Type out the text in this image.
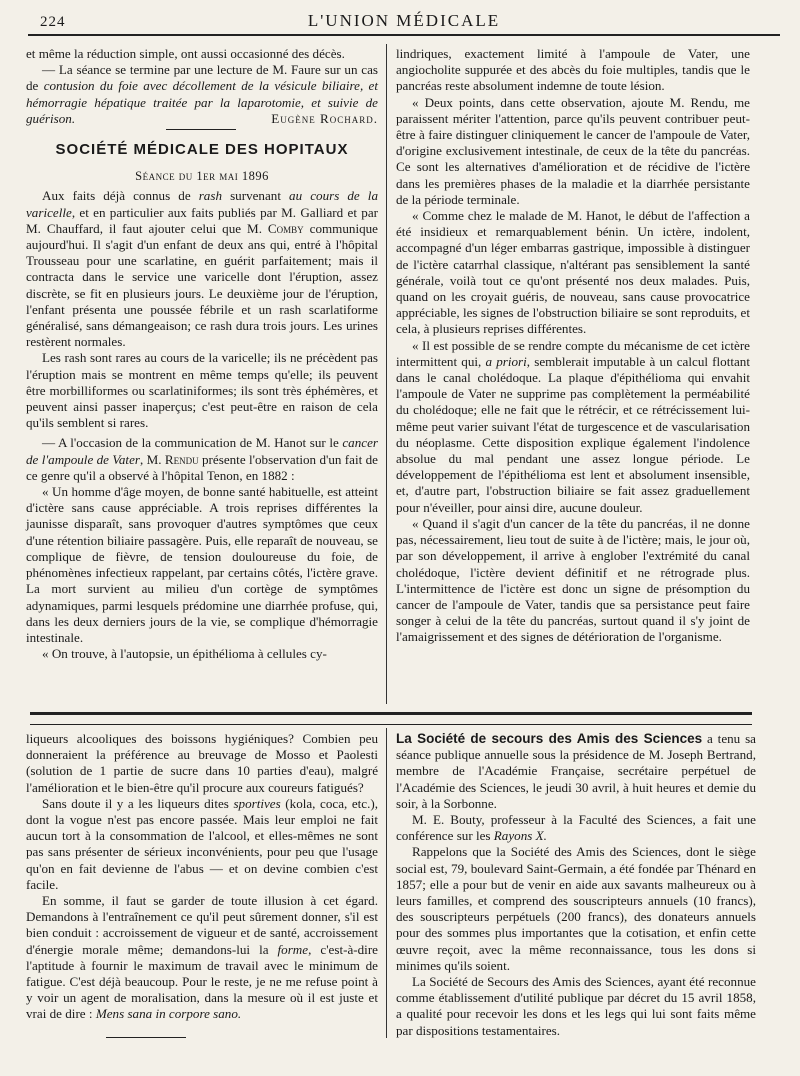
224	L'UNION MÉDICALE

et même la réduction simple, ont aussi occasionné des décès.

— La séance se termine par une lecture de M. Faure sur un cas de contusion du foie avec décollement de la vésicule biliaire, et hémorragie hépatique traitée par la laparotomie, et suivie de guérison.	Eugène Rochard.

SOCIÉTÉ MÉDICALE DES HOPITAUX
Séance du 1er mai 1896

Aux faits déjà connus de rash survenant au cours de la varicelle, et en particulier aux faits publiés par M. Galliard et par M. Chauffard, il faut ajouter celui que M. Comby communique aujourd'hui. Il s'agit d'un enfant de deux ans qui, entré à l'hôpital Trousseau pour une scarlatine, en guérit parfaitement; mais il contracta dans le service une varicelle dont l'éruption, assez discrète, se fit en plusieurs jours. Le deuxième jour de l'éruption, l'enfant présenta une poussée fébrile et un rash scarlatiforme généralisé, sans démangeaison; ce rash dura trois jours. Les urines restèrent normales.

Les rash sont rares au cours de la varicelle; ils ne précèdent pas l'éruption mais se montrent en même temps qu'elle; ils peuvent être morbilliformes ou scarlatiniformes; ils sont très éphémères, et peuvent ainsi passer inaperçus; c'est peut-être en raison de cela qu'ils semblent si rares.

— A l'occasion de la communication de M. Hanot sur le cancer de l'ampoule de Vater, M. Rendu présente l'observation d'un fait de ce genre qu'il a observé à l'hôpital Tenon, en 1882 :

« Un homme d'âge moyen, de bonne santé habituelle, est atteint d'ictère sans cause appréciable. A trois reprises différentes la jaunisse disparaît, sans provoquer d'autres symptômes que ceux d'une rétention biliaire passagère. Puis, elle reparaît de nouveau, se complique de fièvre, de tension douloureuse du foie, de phénomènes infectieux rappelant, par certains côtés, l'ictère grave. La mort survient au milieu d'un cortège de symptômes adynamiques, parmi lesquels prédomine une diarrhée profuse, qui, dans les deux derniers jours de la vie, se complique d'hémorragie intestinale.

« On trouve, à l'autopsie, un épithélioma à cellules cy-

lindriques, exactement limité à l'ampoule de Vater, une angiocholite suppurée et des abcès du foie multiples, tandis que le pancréas reste absolument indemne de toute lésion.

« Deux points, dans cette observation, ajoute M. Rendu, me paraissent mériter l'attention, parce qu'ils peuvent contribuer peut-être à faire distinguer cliniquement le cancer de l'ampoule de Vater, d'origine exclusivement intestinale, de ceux de la tête du pancréas. Ce sont les alternatives d'amélioration et de récidive de l'ictère dans les premières phases de la maladie et la diarrhée persistante de la période terminale.

« Comme chez le malade de M. Hanot, le début de l'affection a été insidieux et remarquablement bénin. Un ictère, indolent, accompagné d'un léger embarras gastrique, impossible à distinguer de l'ictère catarrhal classique, n'altérant pas sensiblement la santé générale, voilà tout ce qu'ont présenté nos deux malades. Puis, quand on les croyait guéris, de nouveau, sans cause provocatrice appréciable, les signes de l'obstruction biliaire se sont reproduits, et cela, à plusieurs reprises différentes.

« Il est possible de se rendre compte du mécanisme de cet ictère intermittent qui, a priori, semblerait imputable à un calcul flottant dans le canal cholédoque. La plaque d'épithélioma qui envahit l'ampoule de Vater ne supprime pas complètement la perméabilité du cholédoque; elle ne fait que le rétrécir, et ce rétrécissement lui-même peut varier suivant l'état de turgescence et de vascularisation du néoplasme. Cette disposition explique également l'indolence absolue du mal pendant une assez longue période. Le développement de l'épithélioma est lent et absolument insensible, et, d'autre part, l'obstruction biliaire se fait assez graduellement pour n'éveiller, pour ainsi dire, aucune douleur.

« Quand il s'agit d'un cancer de la tête du pancréas, il ne donne pas, nécessairement, lieu tout de suite à de l'ictère; mais, le jour où, par son développement, il arrive à englober l'extrémité du canal cholédoque, l'ictère devient définitif et ne rétrograde plus. L'intermittence de l'ictère est donc un signe de présomption du cancer de l'ampoule de Vater, tandis que sa persistance peut faire songer à celui de la tête du pancréas, surtout quand il s'y joint de l'amaigrissement et des signes de détérioration de l'organisme.

liqueurs alcooliques des boissons hygiéniques? Combien peu donneraient la préférence au breuvage de Mosso et Paolesti (solution de 1 partie de sucre dans 10 parties d'eau), malgré l'amélioration et le bien-être qu'il procure aux coureurs fatigués?

Sans doute il y a les liqueurs dites sportives (kola, coca, etc.), dont la vogue n'est pas encore passée. Mais leur emploi ne fait aucun tort à la consommation de l'alcool, et elles-mêmes ne sont pas sans présenter de sérieux inconvénients, pour peu que l'usage qu'on en fait devienne de l'abus — et on devine combien c'est facile.

En somme, il faut se garder de toute illusion à cet égard. Demandons à l'entraînement ce qu'il peut sûrement donner, s'il est bien conduit : accroissement de vigueur et de santé, accroissement d'énergie morale même; demandons-lui la forme, c'est-à-dire l'aptitude à fournir le maximum de travail avec le minimum de fatigue. C'est déjà beaucoup. Pour le reste, je ne me refuse point à y voir un agent de moralisation, dans la mesure où il est juste et vrai de dire : Mens sana in corpore sano.

La Société de secours des Amis des Sciences a tenu sa séance publique annuelle sous la présidence de M. Joseph Bertrand, membre de l'Académie Française, secrétaire perpétuel de l'Académie des Sciences, le jeudi 30 avril, à huit heures et demie du soir, à la Sorbonne.

M. E. Bouty, professeur à la Faculté des Sciences, a fait une conférence sur les Rayons X.

Rappelons que la Société des Amis des Sciences, dont le siège social est, 79, boulevard Saint-Germain, a été fondée par Thénard en 1857; elle a pour but de venir en aide aux savants malheureux ou à leurs familles, et comprend des souscripteurs annuels (10 francs), des souscripteurs perpétuels (200 francs), des donateurs annuels pour des sommes plus importantes que la cotisation, et enfin cette œuvre reçoit, avec la même reconnaissance, tous les dons si minimes qu'ils soient.

La Société de Secours des Amis des Sciences, ayant été reconnue comme établissement d'utilité publique par décret du 15 avril 1858, a qualité pour recevoir les dons et les legs qui lui sont faits même par dispositions testamentaires.
